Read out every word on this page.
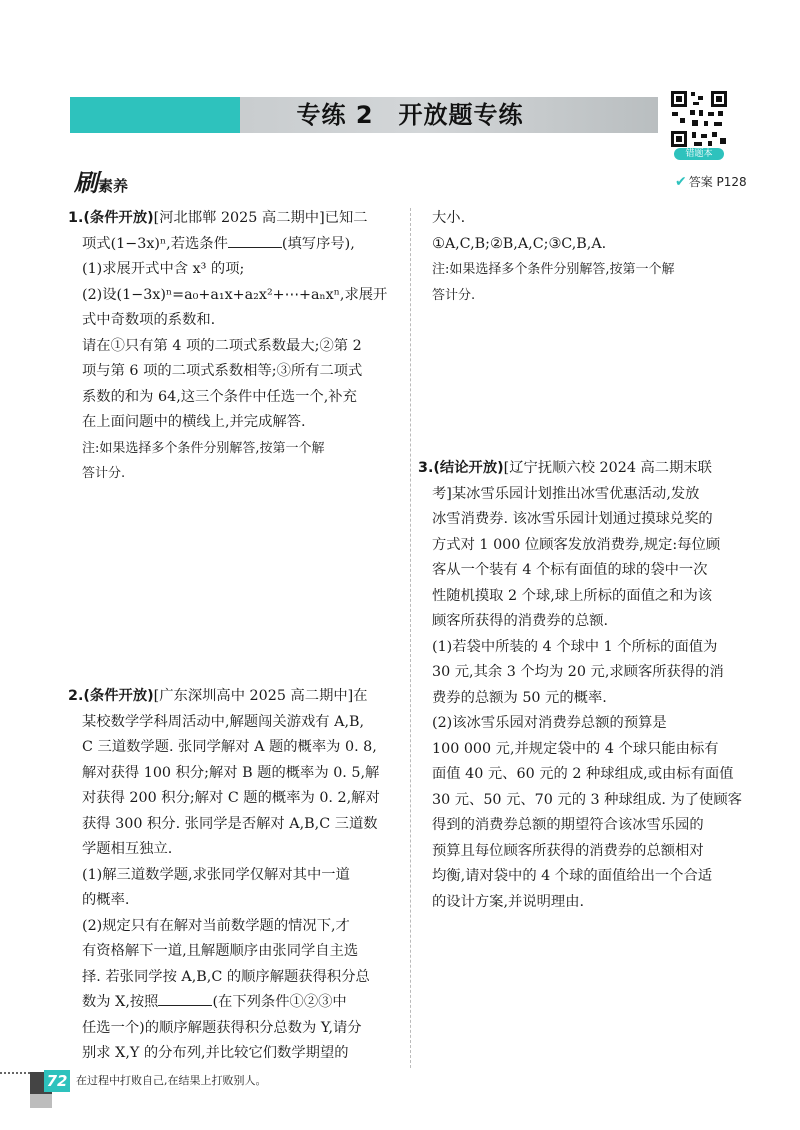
专练 2　开放题专练
错题本
刷素养	✔ 答案 P128

1.(条件开放)[河北邯郸 2025 高二期中]已知二

项式(1−3x)ⁿ,若选条件	(填写序号),

(1)求展开式中含 x³ 的项;

(2)设(1−3x)ⁿ=a₀+a₁x+a₂x²+⋯+aₙxⁿ,求展开

式中奇数项的系数和.

请在①只有第 4 项的二项式系数最大;②第 2

项与第 6 项的二项式系数相等;③所有二项式

系数的和为 64,这三个条件中任选一个,补充

在上面问题中的横线上,并完成解答.

注:如果选择多个条件分别解答,按第一个解

答计分.

2.(条件开放)[广东深圳高中 2025 高二期中]在

某校数学学科周活动中,解题闯关游戏有 A,B,

C 三道数学题. 张同学解对 A 题的概率为 0. 8,

解对获得 100 积分;解对 B 题的概率为 0. 5,解

对获得 200 积分;解对 C 题的概率为 0. 2,解对

获得 300 积分. 张同学是否解对 A,B,C 三道数

学题相互独立.

(1)解三道数学题,求张同学仅解对其中一道

的概率.

(2)规定只有在解对当前数学题的情况下,才

有资格解下一道,且解题顺序由张同学自主选

择. 若张同学按 A,B,C 的顺序解题获得积分总

数为 X,按照	(在下列条件①②③中

任选一个)的顺序解题获得积分总数为 Y,请分

别求 X,Y 的分布列,并比较它们数学期望的

大小.

①A,C,B;②B,A,C;③C,B,A.

注:如果选择多个条件分别解答,按第一个解

答计分.

3.(结论开放)[辽宁抚顺六校 2024 高二期末联

考]某冰雪乐园计划推出冰雪优惠活动,发放

冰雪消费券. 该冰雪乐园计划通过摸球兑奖的

方式对 1 000 位顾客发放消费券,规定:每位顾

客从一个装有 4 个标有面值的球的袋中一次

性随机摸取 2 个球,球上所标的面值之和为该

顾客所获得的消费券的总额.

(1)若袋中所装的 4 个球中 1 个所标的面值为

30 元,其余 3 个均为 20 元,求顾客所获得的消

费券的总额为 50 元的概率.

(2)该冰雪乐园对消费券总额的预算是

100 000 元,并规定袋中的 4 个球只能由标有

面值 40 元、60 元的 2 种球组成,或由标有面值

30 元、50 元、70 元的 3 种球组成. 为了使顾客

得到的消费券总额的期望符合该冰雪乐园的

预算且每位顾客所获得的消费券的总额相对

均衡,请对袋中的 4 个球的面值给出一个合适

的设计方案,并说明理由.

72 在过程中打败自己,在结果上打败别人。
